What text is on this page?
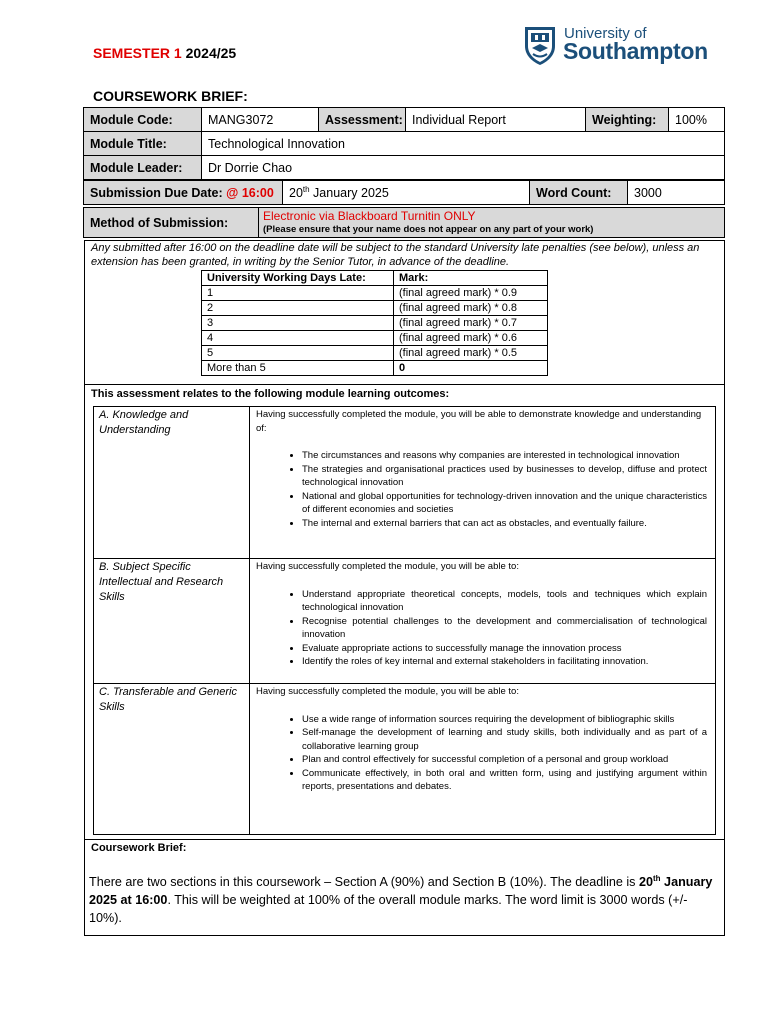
SEMESTER 1 2024/25
University of
Southampton
COURSEWORK BRIEF:
Module Code:	MANG3072	Assessment:	Individual Report	Weighting:	100%
Module Title:	Technological Innovation				
Module Leader:	Dr Dorrie Chao				
Submission Due Date: @ 16:00	20th January 2025	Word Count:	3000
Method of Submission:	Electronic via Blackboard Turnitin ONLY
(Please ensure that your name does not appear on any part of your work)
Any submitted after 16:00 on the deadline date will be subject to the standard University late penalties (see below), unless an extension has been granted, in writing by the Senior Tutor, in advance of the deadline.
University Working Days Late:	Mark:
1	(final agreed mark) * 0.9
2	(final agreed mark) * 0.8
3	(final agreed mark) * 0.7
4	(final agreed mark) * 0.6
5	(final agreed mark) * 0.5
More than 5	0
This assessment relates to the following module learning outcomes:
A. Knowledge and Understanding

Having successfully completed the module, you will be able to demonstrate knowledge and understanding of:

• The circumstances and reasons why companies are interested in technological innovation
• The strategies and organisational practices used by businesses to develop, diffuse and protect technological innovation
• National and global opportunities for technology-driven innovation and the unique characteristics of different economies and societies
• The internal and external barriers that can act as obstacles, and eventually failure.
B. Subject Specific Intellectual and Research Skills

Having successfully completed the module, you will be able to:

• Understand appropriate theoretical concepts, models, tools and techniques which explain technological innovation
• Recognise potential challenges to the development and commercialisation of technological innovation
• Evaluate appropriate actions to successfully manage the innovation process
• Identify the roles of key internal and external stakeholders in facilitating innovation.
C. Transferable and Generic Skills

Having successfully completed the module, you will be able to:

• Use a wide range of information sources requiring the development of bibliographic skills
• Self-manage the development of learning and study skills, both individually and as part of a collaborative learning group
• Plan and control effectively for successful completion of a personal and group workload
• Communicate effectively, in both oral and written form, using and justifying argument within reports, presentations and debates.
Coursework Brief:
There are two sections in this coursework – Section A (90%) and Section B (10%). The deadline is 20th January 2025 at 16:00. This will be weighted at 100% of the overall module marks. The word limit is 3000 words (+/- 10%).
